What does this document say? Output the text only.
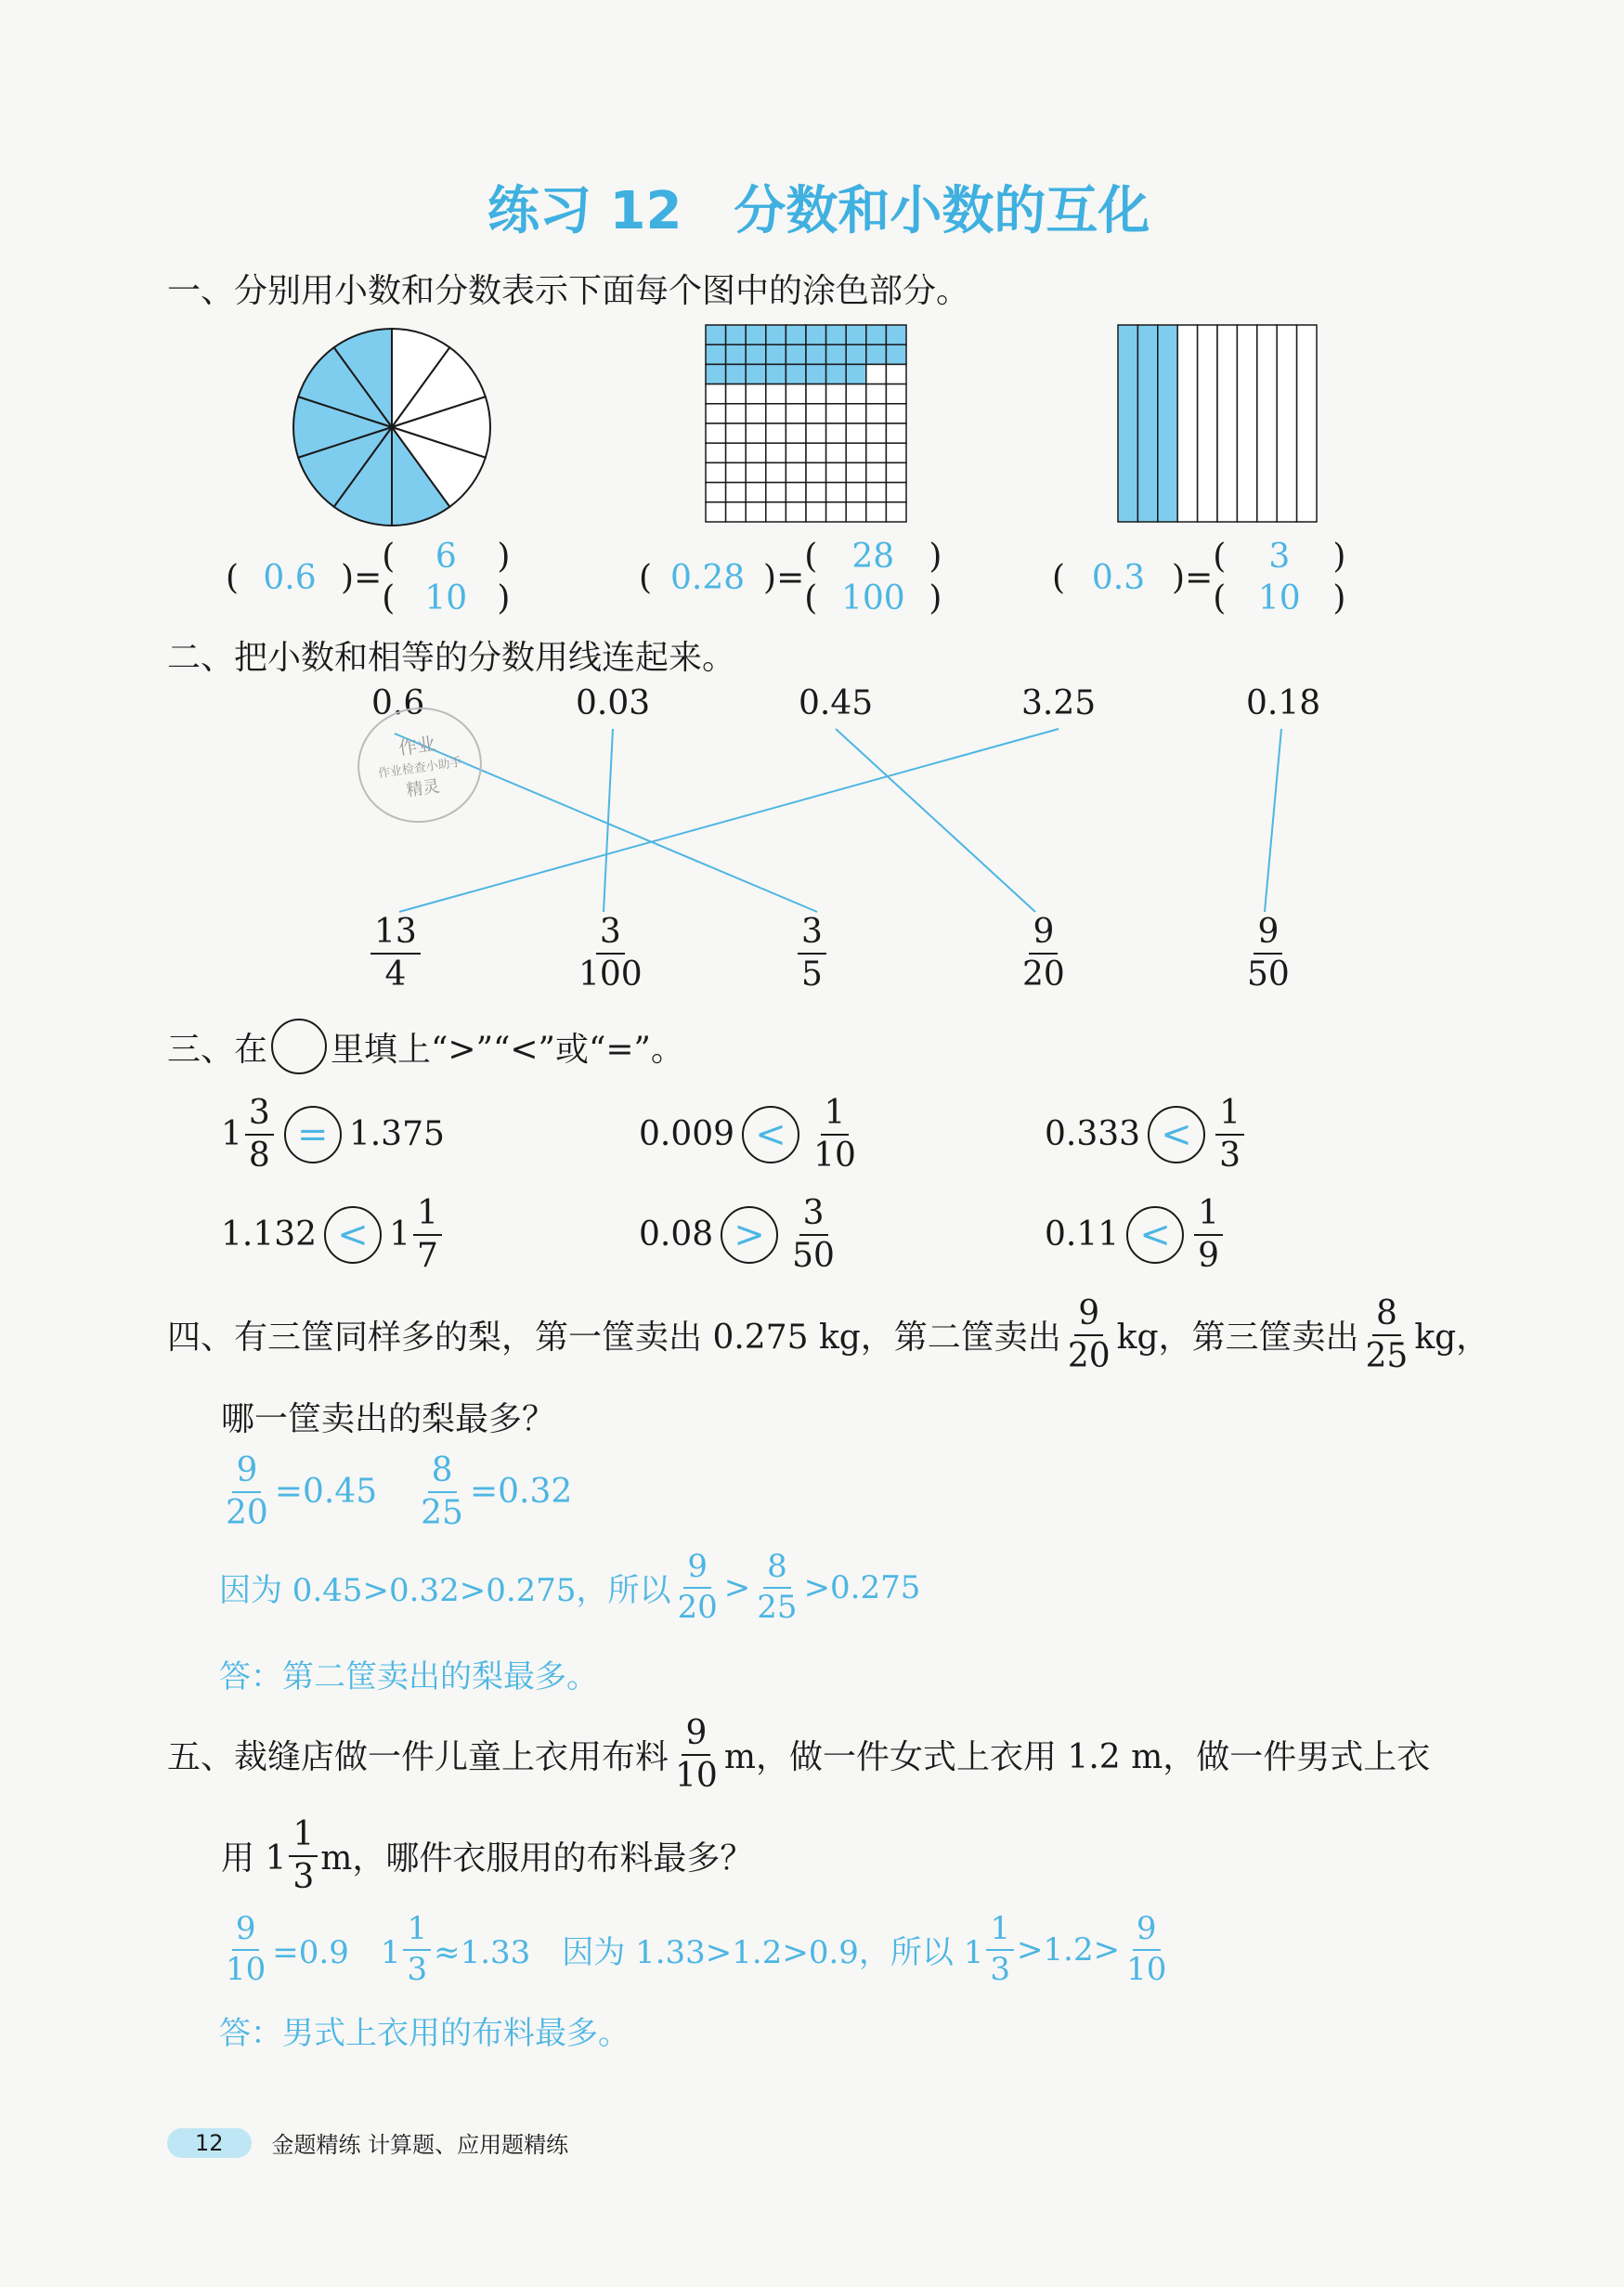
练习 12　分数和小数的互化
一、分别用小数和分数表示下面每个图中的涂色部分。
( 0.6 )=
(	6	)
( 10 )
( 0.28 )=
(	28	)
( 100 )
( 0.3 )=
(	3	)
( 10 )
二、把小数和相等的分数用线连起来。
0.6	0.03	0.45	3.25	0.18
作业
作业检查小助手
精灵
$\frac{13}{4}$	$\frac{3}{100}$	$\frac{3}{5}$	$\frac{9}{20}$	$\frac{9}{50}$
三、在 里填上“>”“<”或“=”。
$1 \frac{3}{8} = 1.375$	$0.009 < \frac{1}{10}$	$0.333 < \frac{1}{3}$
$1.132 < 1 \frac{1}{7}$	$0.08 > \frac{3}{50}$	$0.11 < \frac{1}{9}$
四、有三筐同样多的梨，第一筐卖出 0.275 kg，第二筐卖出 $\frac{9}{20}$ kg，第三筐卖出 $\frac{8}{25}$ kg，
哪一筐卖出的梨最多？
$\frac{9}{20} =0.45 \frac{8}{25} =0.32$
因为 0.45>0.32>0.275，所以 $\frac{9}{20} > \frac{8}{25} >0.275$
答：第二筐卖出的梨最多。
五、裁缝店做一件儿童上衣用布料 $\frac{9}{10}$ m，做一件女式上衣用 1.2 m，做一件男式上衣
用 $1 \frac{1}{3}$ m，哪件衣服用的布料最多？
$\frac{9}{10} =0.9$　$1 \frac{1}{3} \approx 1.33$　因为 1.33>1.2>0.9，所以 $1 \frac{1}{3} >1.2> \frac{9}{10}$
答：男式上衣用的布料最多。
12	金题精练 计算题、应用题精练
